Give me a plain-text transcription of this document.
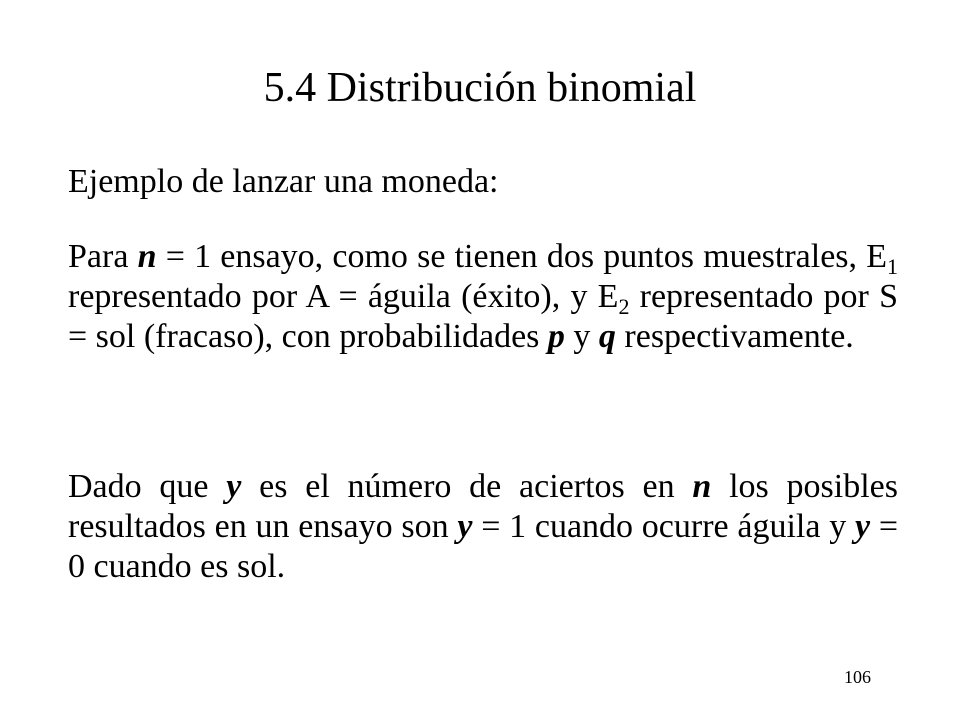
5.4 Distribución binomial

Ejemplo de lanzar una moneda:

Para n = 1 ensayo, como se tienen dos puntos muestrales, $E_1$ representado por A = águila (éxito), y $E_2$ representado por S = sol (fracaso), con probabilidades p y q respectivamente.

Dado que y es el número de aciertos en n los posibles resultados en un ensayo son y = 1 cuando ocurre águila y y = 0 cuando es sol.

106
